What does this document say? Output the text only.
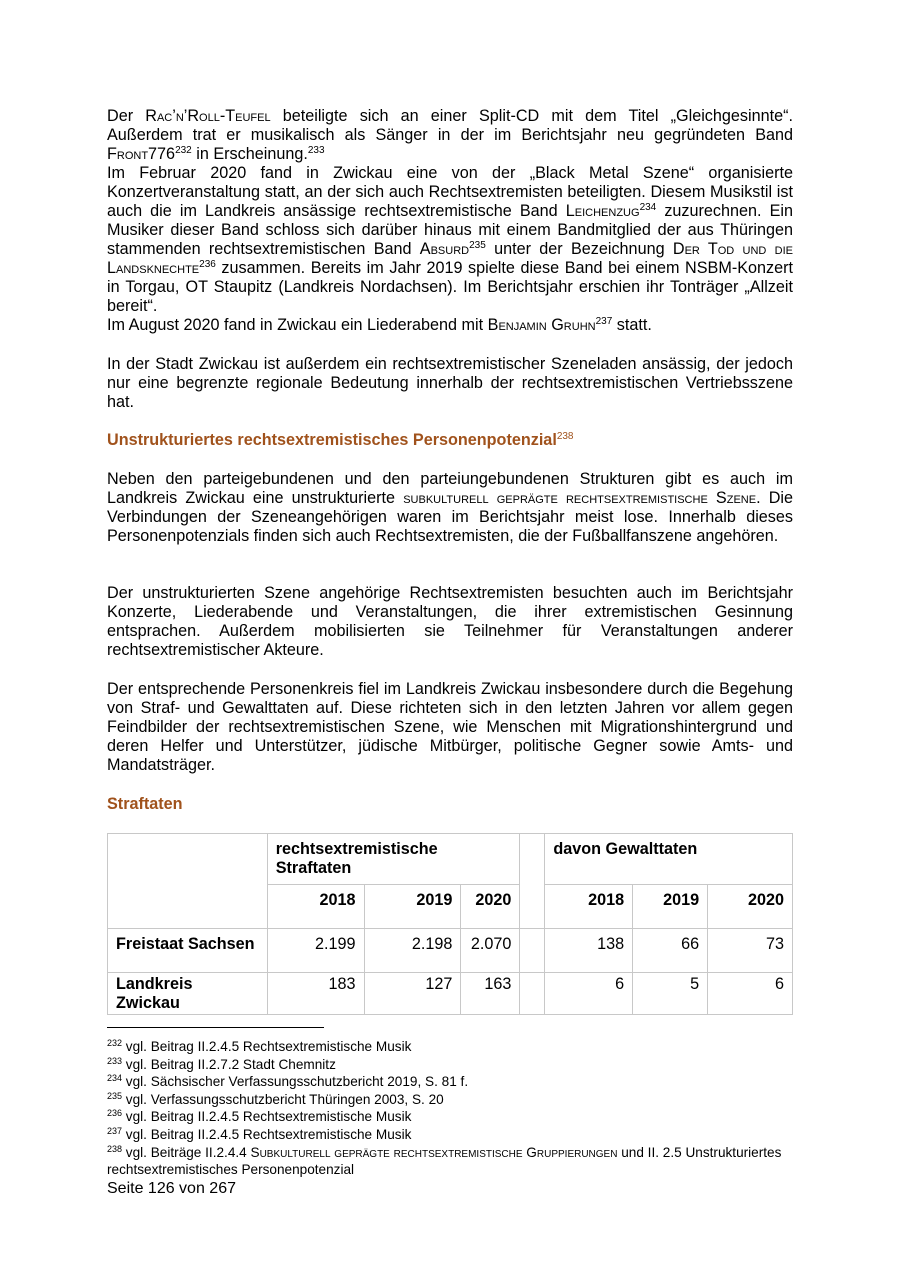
Der Rac’n’Roll-Teufel beteiligte sich an einer Split-CD mit dem Titel „Gleichgesinnte“. Außerdem trat er musikalisch als Sänger in der im Berichtsjahr neu gegründeten Band $Front776^{232}$ in Erscheinung.$^{233}$
Im Februar 2020 fand in Zwickau eine von der „Black Metal Szene“ organisierte Konzertveranstaltung statt, an der sich auch Rechtsextremisten beteiligten. Diesem Musikstil ist auch die im Landkreis ansässige rechtsextremistische Band Leichenzug$^{234}$ zuzurechnen. Ein Musiker dieser Band schloss sich darüber hinaus mit einem Bandmitglied der aus Thüringen stammenden rechtsextremistischen Band Absurd$^{235}$ unter der Bezeichnung Der Tod und die Landsknechte$^{236}$ zusammen. Bereits im Jahr 2019 spielte diese Band bei einem NSBM-Konzert in Torgau, OT Staupitz (Landkreis Nordachsen). Im Berichtsjahr erschien ihr Tonträger „Allzeit bereit“.
Im August 2020 fand in Zwickau ein Liederabend mit Benjamin Gruhn$^{237}$ statt.

In der Stadt Zwickau ist außerdem ein rechtsextremistischer Szeneladen ansässig, der jedoch nur eine begrenzte regionale Bedeutung innerhalb der rechtsextremistischen Vertriebsszene hat.

Unstrukturiertes rechtsextremistisches Personenpotenzial$^{238}$

Neben den parteigebundenen und den parteiungebundenen Strukturen gibt es auch im Landkreis Zwickau eine unstrukturierte subkulturell geprägte rechtsextremistische Szene. Die Verbindungen der Szeneangehörigen waren im Berichtsjahr meist lose. Innerhalb dieses Personenpotenzials finden sich auch Rechtsextremisten, die der Fußballfanszene angehören.

Der unstrukturierten Szene angehörige Rechtsextremisten besuchten auch im Berichtsjahr Konzerte, Liederabende und Veranstaltungen, die ihrer extremistischen Gesinnung entsprachen. Außerdem mobilisierten sie Teilnehmer für Veranstaltungen anderer rechtsextremistischer Akteure.

Der entsprechende Personenkreis fiel im Landkreis Zwickau insbesondere durch die Begehung von Straf- und Gewalttaten auf. Diese richteten sich in den letzten Jahren vor allem gegen Feindbilder der rechtsextremistischen Szene, wie Menschen mit Migrationshintergrund und deren Helfer und Unterstützer, jüdische Mitbürger, politische Gegner sowie Amts- und Mandatsträger.

Straftaten
	rechtsextremistische Straftaten				davon Gewalttaten		
	2018	2019	2020		2018	2019	2020
Freistaat Sachsen	2.199	2.198	2.070		138	66	73
Landkreis Zwickau	183	127	163		6	5	6
$^{232}$ vgl. Beitrag II.2.4.5 Rechtsextremistische Musik
$^{233}$ vgl. Beitrag II.2.7.2 Stadt Chemnitz
$^{234}$ vgl. Sächsischer Verfassungsschutzbericht 2019, S. 81 f.
$^{235}$ vgl. Verfassungsschutzbericht Thüringen 2003, S. 20
$^{236}$ vgl. Beitrag II.2.4.5 Rechtsextremistische Musik
$^{237}$ vgl. Beitrag II.2.4.5 Rechtsextremistische Musik
$^{238}$ vgl. Beiträge II.2.4.4 Subkulturell geprägte rechtsextremistische Gruppierungen und II. 2.5 Unstrukturiertes rechtsextremistisches Personenpotenzial
Seite 126 von 267
